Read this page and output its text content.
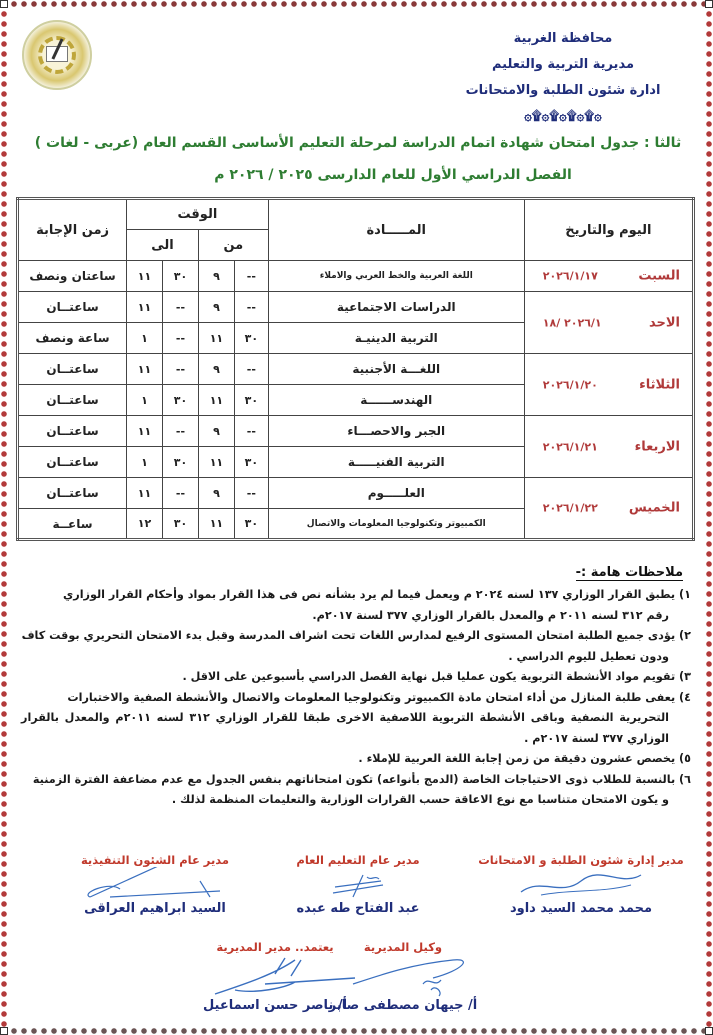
محافظة الغربية
مديرية التربية والتعليم
ادارة شئون الطلبة والامتحانات
۞۩۞۩۞۩۞۩۞
ثالثا : جدول امتحان شهادة اتمام الدراسة لمرحلة التعليم الأساسى القسم العام (عربى - لغات )
الفصل الدراسي الأول للعام الدارسى ٢٠٢٥ / ٢٠٢٦ م
اليوم والتاريخ	المـــــادة	الوقت				زمن الإجابة
		من		الى		

السبت
٢٠٢٦/١/١٧	اللغة العربية والخط العربي والاملاء	--	٩	٣٠	١١	ساعتان ونصف

الاحد
٢٠٢٦/١ /١٨	الدراسات الاجتماعية	--	٩	--	١١	ساعتــان
	التربية الدينيـة	٣٠	١١	--	١	ساعة ونصف

الثلاثاء
٢٠٢٦/١/٢٠	اللغـــة الأجنبية	--	٩	--	١١	ساعتــان
	الهندســــــة	٣٠	١١	٣٠	١	ساعتــان

الاربعاء
٢٠٢٦/١/٢١	الجبر والاحصـــاء	--	٩	--	١١	ساعتــان
	التربية الفنيـــــة	٣٠	١١	٣٠	١	ساعتــان

الخميس
٢٠٢٦/١/٢٢	العلـــــوم	--	٩	--	١١	ساعتــان
	الكمبيوتر وتكنولوجيا المعلومات والاتصال	٣٠	١١	٣٠	١٢	ساعــة
ملاحظات هامة :-

١) يطبق القرار الوزاري ١٣٧ لسنه ٢٠٢٤ م ويعمل فيما لم يرد بشأنه نص فى هذا القرار بمواد وأحكام القرار الوزاري

رقم ٣١٢ لسنه ٢٠١١ م والمعدل بالقرار الوزاري ٣٧٧ لسنة ٢٠١٧م.

٢) يؤدى جميع الطلبة امتحان المستوى الرفيع لمدارس اللغات تحت اشراف المدرسة وقبل بدء الامتحان التحريري بوقت كاف

ودون تعطيل لليوم الدراسي .

٣) تقويم مواد الأنشطة التربوية يكون عمليا قبل نهاية الفصل الدراسي بأسبوعين على الاقل .

٤) يعفى طلبة المنازل من أداء امتحان مادة الكمبيوتر وتكنولوجيا المعلومات والاتصال والأنشطة الصفية والاختبارات

التحريرية النصفية وباقى الأنشطة التربوية اللاصفية الاخرى طبقا للقرار الوزاري ٣١٢ لسنه ٢٠١١م والمعدل بالقرار الوزاري ٣٧٧ لسنة ٢٠١٧م .

٥) يخصص عشرون دقيقة من زمن إجابة اللغة العربية للإملاء .

٦) بالنسبة للطلاب ذوى الاحتياجات الخاصة (الدمج بأنواعه) تكون امتحاناتهم بنفس الجدول مع عدم مضاعفة الفترة الزمنية

و يكون الامتحان متناسبا مع نوع الاعاقة حسب القرارات الوزارية والتعليمات المنظمة لذلك .

مدير إدارة شئون الطلبة و الامتحانات
محمد محمد السيد داود
مدير عام التعليم العام
عبد الفتاح طه عبده
مدير عام الشئون التنفيذية
السيد ابراهيم العراقى
وكيل المديرية
أ/ جيهان مصطفى صابر
يعتمد.. مدير المديرية
أ/ ناصر حسن اسماعيل
